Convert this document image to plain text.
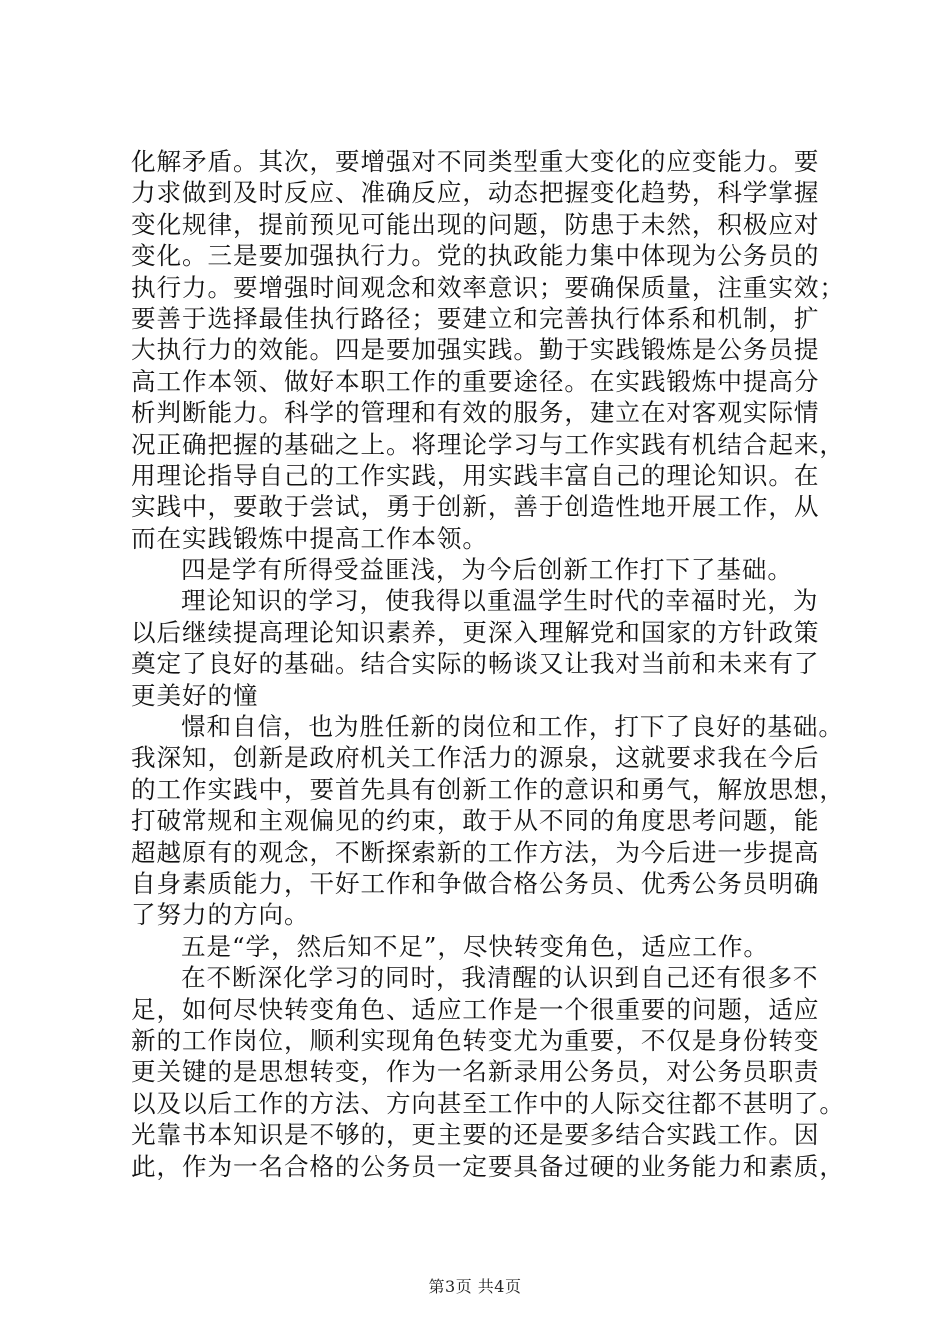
化解矛盾。其次，要增强对不同类型重大变化的应变能力。要
力求做到及时反应、准确反应，动态把握变化趋势，科学掌握
变化规律，提前预见可能出现的问题，防患于未然，积极应对
变化。三是要加强执行力。党的执政能力集中体现为公务员的
执行力。要增强时间观念和效率意识；要确保质量，注重实效；
要善于选择最佳执行路径；要建立和完善执行体系和机制，扩
大执行力的效能。四是要加强实践。勤于实践锻炼是公务员提
高工作本领、做好本职工作的重要途径。在实践锻炼中提高分
析判断能力。科学的管理和有效的服务，建立在对客观实际情
况正确把握的基础之上。将理论学习与工作实践有机结合起来，
用理论指导自己的工作实践，用实践丰富自己的理论知识。在
实践中，要敢于尝试，勇于创新，善于创造性地开展工作，从
而在实践锻炼中提高工作本领。
四是学有所得受益匪浅，为今后创新工作打下了基础。
理论知识的学习，使我得以重温学生时代的幸福时光，为
以后继续提高理论知识素养，更深入理解党和国家的方针政策
奠定了良好的基础。结合实际的畅谈又让我对当前和未来有了
更美好的憧
憬和自信，也为胜任新的岗位和工作，打下了良好的基础。
我深知，创新是政府机关工作活力的源泉，这就要求我在今后
的工作实践中，要首先具有创新工作的意识和勇气，解放思想，
打破常规和主观偏见的约束，敢于从不同的角度思考问题，能
超越原有的观念，不断探索新的工作方法，为今后进一步提高
自身素质能力，干好工作和争做合格公务员、优秀公务员明确
了努力的方向。
五是“学，然后知不足”，尽快转变角色，适应工作。
在不断深化学习的同时，我清醒的认识到自己还有很多不
足，如何尽快转变角色、适应工作是一个很重要的问题，适应
新的工作岗位，顺利实现角色转变尤为重要，不仅是身份转变
更关键的是思想转变，作为一名新录用公务员，对公务员职责
以及以后工作的方法、方向甚至工作中的人际交往都不甚明了。
光靠书本知识是不够的，更主要的还是要多结合实践工作。因
此，作为一名合格的公务员一定要具备过硬的业务能力和素质，
第3页 共4页
